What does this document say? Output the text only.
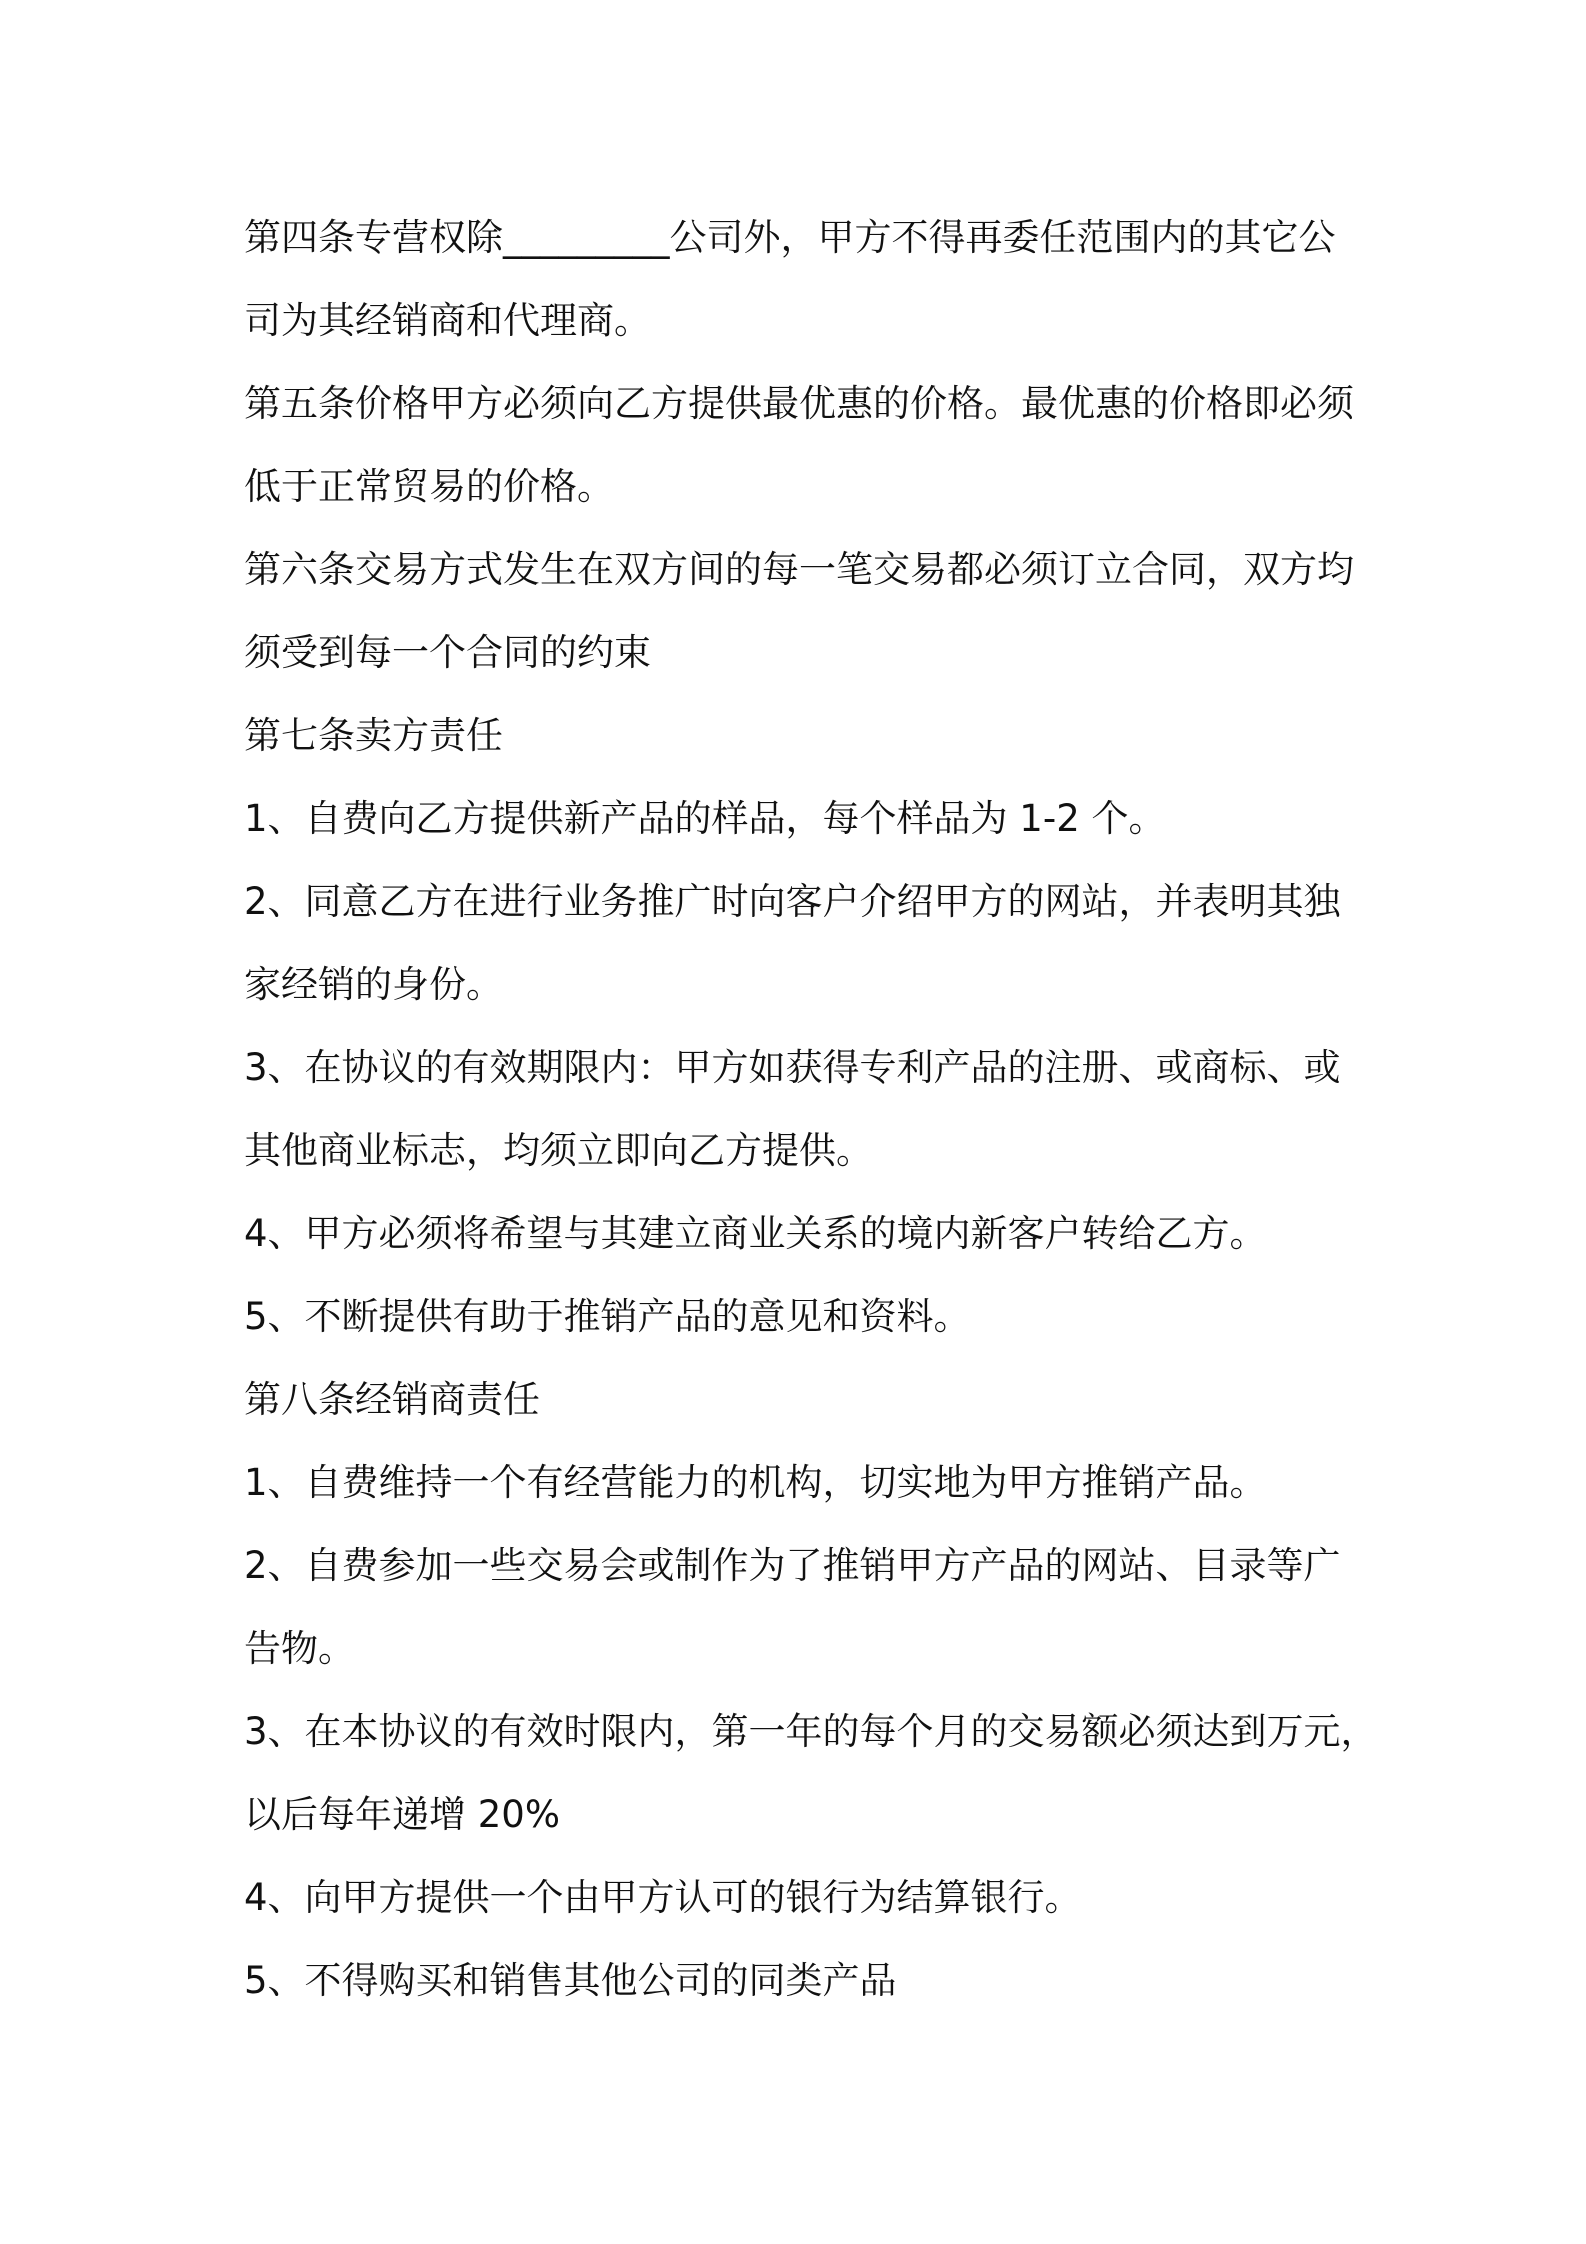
第四条专营权除_________公司外，甲方不得再委任范围内的其它公
司为其经销商和代理商。

第五条价格甲方必须向乙方提供最优惠的价格。最优惠的价格即必须
低于正常贸易的价格。

第六条交易方式发生在双方间的每一笔交易都必须订立合同，双方均
须受到每一个合同的约束

第七条卖方责任

1、自费向乙方提供新产品的样品，每个样品为 1-2 个。

2、同意乙方在进行业务推广时向客户介绍甲方的网站，并表明其独
家经销的身份。

3、在协议的有效期限内：甲方如获得专利产品的注册、或商标、或
其他商业标志，均须立即向乙方提供。

4、甲方必须将希望与其建立商业关系的境内新客户转给乙方。

5、不断提供有助于推销产品的意见和资料。

第八条经销商责任

1、自费维持一个有经营能力的机构，切实地为甲方推销产品。

2、自费参加一些交易会或制作为了推销甲方产品的网站、目录等广
告物。

3、在本协议的有效时限内，第一年的每个月的交易额必须达到万元，
以后每年递增 20%

4、向甲方提供一个由甲方认可的银行为结算银行。

5、不得购买和销售其他公司的同类产品
